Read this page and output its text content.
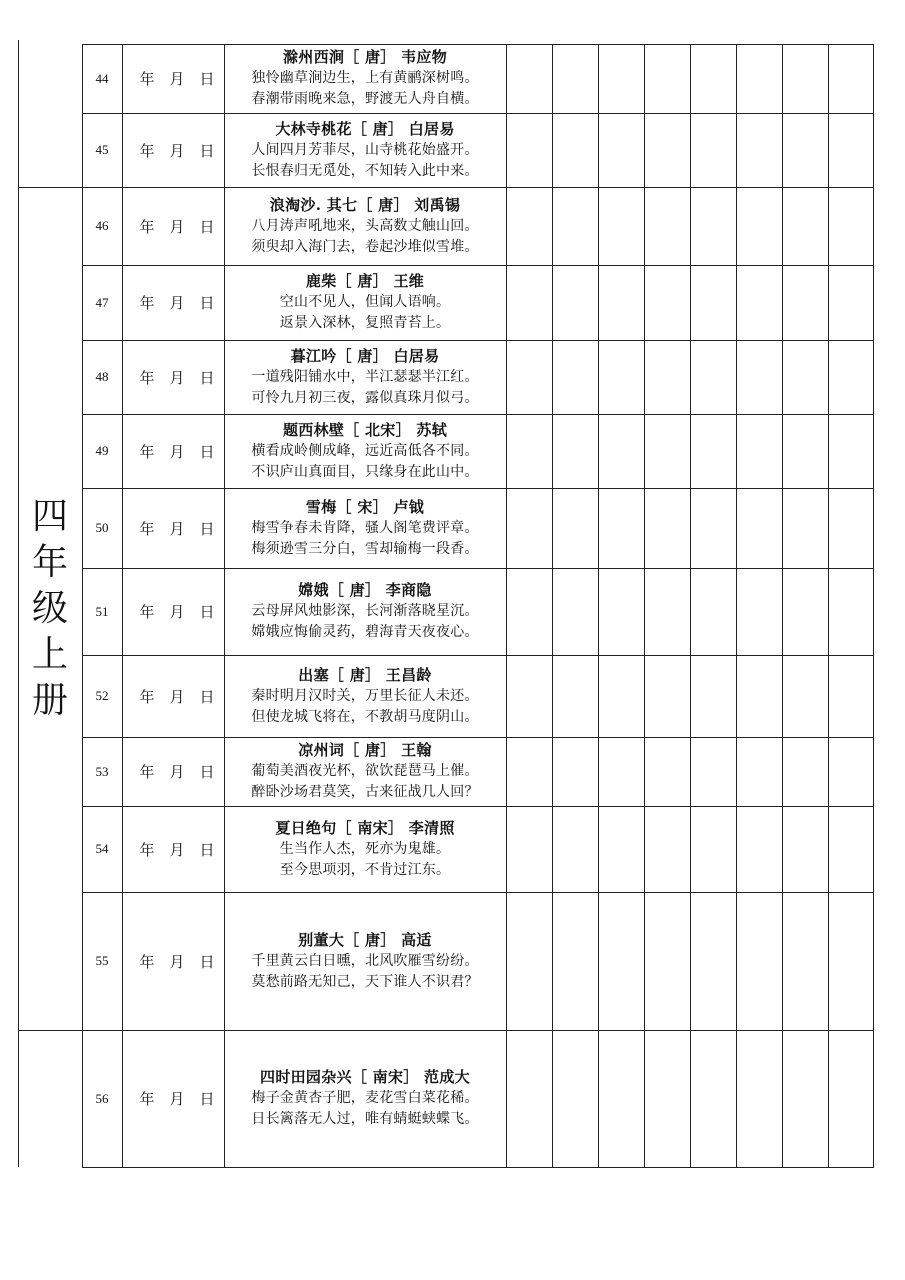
四
年
级
上
册
44	年 月 日
滁州西涧［ 唐］ 韦应物
独怜幽草涧边生，上有黄鹂深树鸣。
春潮带雨晚来急，野渡无人舟自横。
45	年 月 日
大林寺桃花［ 唐］ 白居易
人间四月芳菲尽，山寺桃花始盛开。
长恨春归无觅处，不知转入此中来。
46	年 月 日
浪淘沙. 其七［ 唐］ 刘禹锡
八月涛声吼地来，头高数丈触山回。
须臾却入海门去，卷起沙堆似雪堆。
47	年 月 日
鹿柴［ 唐］ 王维
空山不见人，但闻人语响。
返景入深林，复照青苔上。
48	年 月 日
暮江吟［ 唐］ 白居易
一道残阳铺水中，半江瑟瑟半江红。
可怜九月初三夜，露似真珠月似弓。
49	年 月 日
题西林壁［ 北宋］ 苏轼
横看成岭侧成峰，远近高低各不同。
不识庐山真面目，只缘身在此山中。
50	年 月 日
雪梅［ 宋］ 卢钺
梅雪争春未肯降，骚人阁笔费评章。
梅须逊雪三分白，雪却输梅一段香。
51	年 月 日
嫦娥［ 唐］ 李商隐
云母屏风烛影深，长河渐落晓星沉。
嫦娥应悔偷灵药，碧海青天夜夜心。
52	年 月 日
出塞［ 唐］ 王昌龄
秦时明月汉时关，万里长征人未还。
但使龙城飞将在，不教胡马度阴山。
53	年 月 日
凉州词［ 唐］ 王翰
葡萄美酒夜光杯，欲饮琵琶马上催。
醉卧沙场君莫笑，古来征战几人回？
54	年 月 日
夏日绝句［ 南宋］ 李清照
生当作人杰，死亦为鬼雄。
至今思项羽，不肯过江东。
55	年 月 日
别董大［ 唐］ 高适
千里黄云白日曛，北风吹雁雪纷纷。
莫愁前路无知己，天下谁人不识君？
56	年 月 日
四时田园杂兴［ 南宋］ 范成大
梅子金黄杏子肥，麦花雪白菜花稀。
日长篱落无人过，唯有蜻蜓蛱蝶飞。
